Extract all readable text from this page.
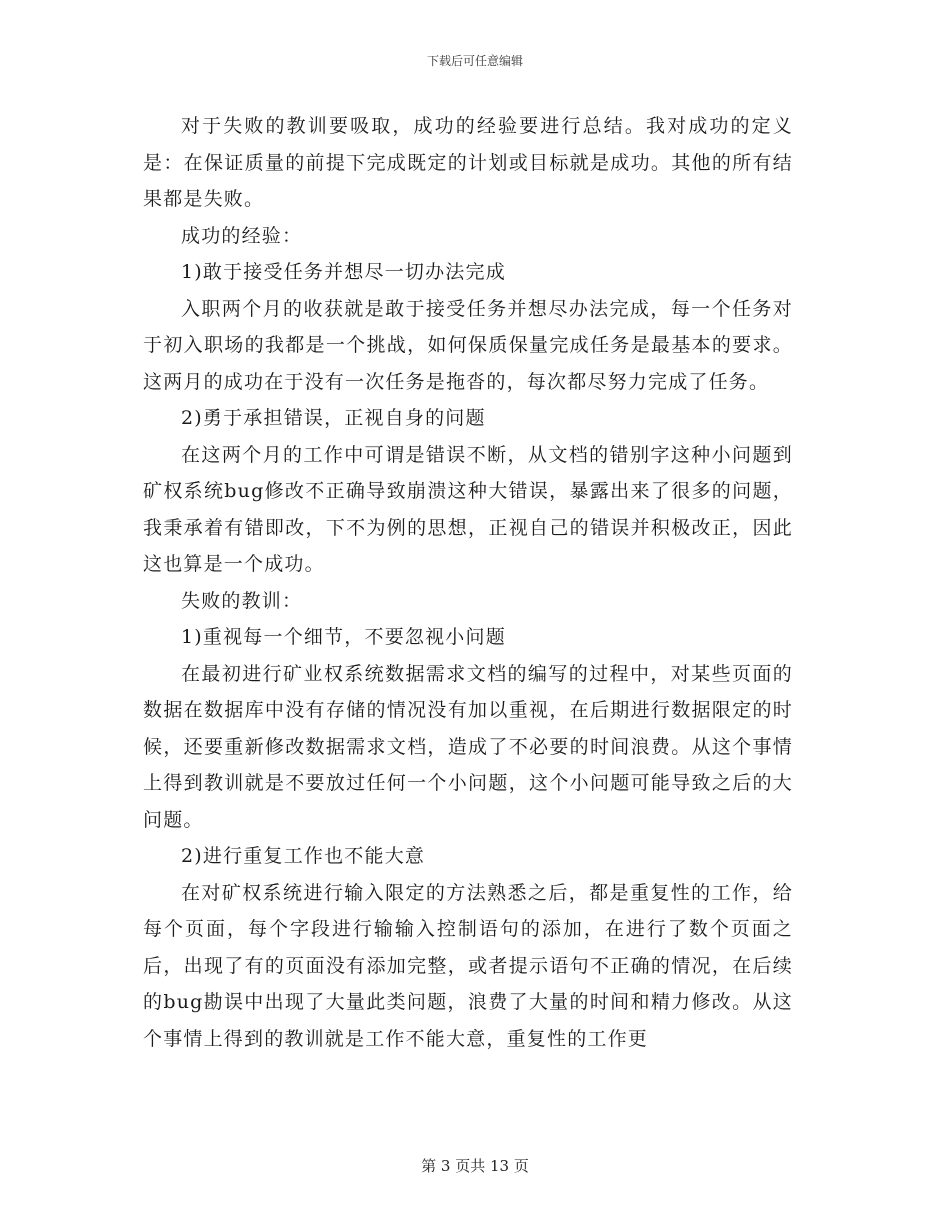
下载后可任意编辑

对于失败的教训要吸取，成功的经验要进行总结。我对成功的定义是：在保证质量的前提下完成既定的计划或目标就是成功。其他的所有结果都是失败。

成功的经验：

1)敢于接受任务并想尽一切办法完成

入职两个月的收获就是敢于接受任务并想尽办法完成，每一个任务对于初入职场的我都是一个挑战，如何保质保量完成任务是最基本的要求。这两月的成功在于没有一次任务是拖沓的，每次都尽努力完成了任务。

2)勇于承担错误，正视自身的问题

在这两个月的工作中可谓是错误不断，从文档的错别字这种小问题到矿权系统bug修改不正确导致崩溃这种大错误，暴露出来了很多的问题，我秉承着有错即改，下不为例的思想，正视自己的错误并积极改正，因此这也算是一个成功。

失败的教训：

1)重视每一个细节，不要忽视小问题

在最初进行矿业权系统数据需求文档的编写的过程中，对某些页面的数据在数据库中没有存储的情况没有加以重视，在后期进行数据限定的时候，还要重新修改数据需求文档，造成了不必要的时间浪费。从这个事情上得到教训就是不要放过任何一个小问题，这个小问题可能导致之后的大问题。

2)进行重复工作也不能大意

在对矿权系统进行输入限定的方法熟悉之后，都是重复性的工作，给每个页面，每个字段进行输输入控制语句的添加，在进行了数个页面之后，出现了有的页面没有添加完整，或者提示语句不正确的情况，在后续的bug勘误中出现了大量此类问题，浪费了大量的时间和精力修改。从这个事情上得到的教训就是工作不能大意，重复性的工作更

第 3 页共 13 页
